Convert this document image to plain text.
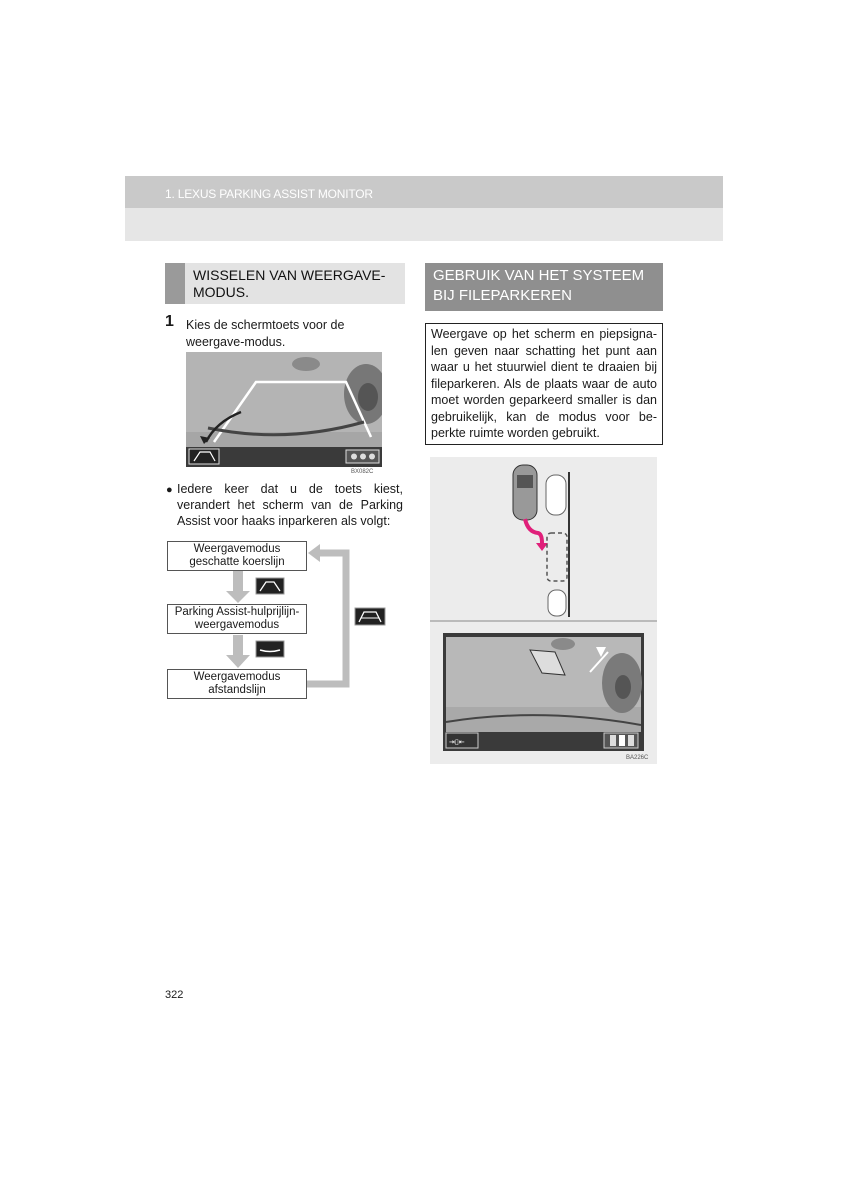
1. LEXUS PARKING ASSIST MONITOR
WISSELEN VAN WEERGAVE-MODUS.
1 Kies de schermtoets voor de weergave-modus.
BX082C
● Iedere keer dat u de toets kiest, verandert het scherm van de Parking Assist voor haaks inparkeren als volgt:
Weergavemodus
geschatte koerslijn
Parking Assist-hulprijlijn-
weergavemodus
Weergavemodus
afstandslijn
GEBRUIK VAN HET SYSTEEM BIJ FILEPARKEREN
Weergave op het scherm en piepsigna-len geven naar schatting het punt aan waar u het stuurwiel dient te draaien bij fileparkeren. Als de plaats waar de auto moet worden geparkeerd smaller is dan gebruikelijk, kan de modus voor be-perkte ruimte worden gebruikt.
⇥▯⇤
BA226C
322
